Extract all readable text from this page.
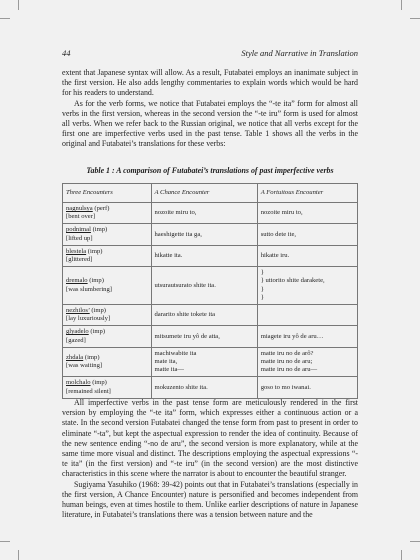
44	Style and Narrative in Translation

extent that Japanese syntax will allow. As a result, Futabatei employs an inanimate subject in the first version. He also adds lengthy commentaries to explain words which would be hard for his readers to understand.

As for the verb forms, we notice that Futabatei employs the “-te ita” form for almost all verbs in the first version, whereas in the second version the “-te iru” form is used for almost all verbs. When we refer back to the Russian original, we notice that all verbs except for the first one are imperfective verbs used in the past tense. Table 1 shows all the verbs in the original and Futabatei’s translations for these verbs:

Table 1 : A comparison of Futabatei’s translations of past imperfective verbs
Three Encounters	A Chance Encounter	A Fortuitous Encounter
nagnulsya (perf)
[bent over]	nozoite miru to,	nozoite miru to,

podnimal (imp)
[lifted up]	haeshigette ita ga,	sutto dete ite,

blestela (imp)
[glittered]	hikatte ita.	hikatte iru.

dremalo (imp)
[was slumbering]	utsurautsurato shite ita.	}
} uttorito shite darakete,
}
}

nezhilos’ (imp)
[lay luxuriously]	dararito shite tokete ita	

glyadelo (imp)
[gazed]	mitsumete iru yô de atta,	miagete iru yô de aru…

zhdala (imp)
[was waiting]	machiwabite ita
mate ita,
matte ita—	matte iru no de arô?
matte iru no de aru;
matte iru no de aru—

molchalo (imp)
[remained silent]	mokuzento shite ita.	goso to mo iwanai.

All imperfective verbs in the past tense form are meticulously rendered in the first version by employing the “-te ita” form, which expresses either a continuous action or a state. In the second version Futabatei changed the tense form from past to present in order to eliminate “-ta”, but kept the aspectual expression to render the idea of continuity. Because of the new sentence ending “-no de aru”, the second version is more explanatory, while at the same time more visual and distinct. The descriptions employing the aspectual expressions “-te ita” (in the first version) and “-te iru” (in the second version) are the most distinctive characteristics in this scene where the narrator is about to encounter the beautiful stranger.

Sugiyama Yasuhiko (1968: 39-42) points out that in Futabatei’s translations (especially in the first version, A Chance Encounter) nature is personified and becomes independent from human beings, even at times hostile to them. Unlike earlier descriptions of nature in Japanese literature, in Futabatei’s translations there was a tension between nature and the
